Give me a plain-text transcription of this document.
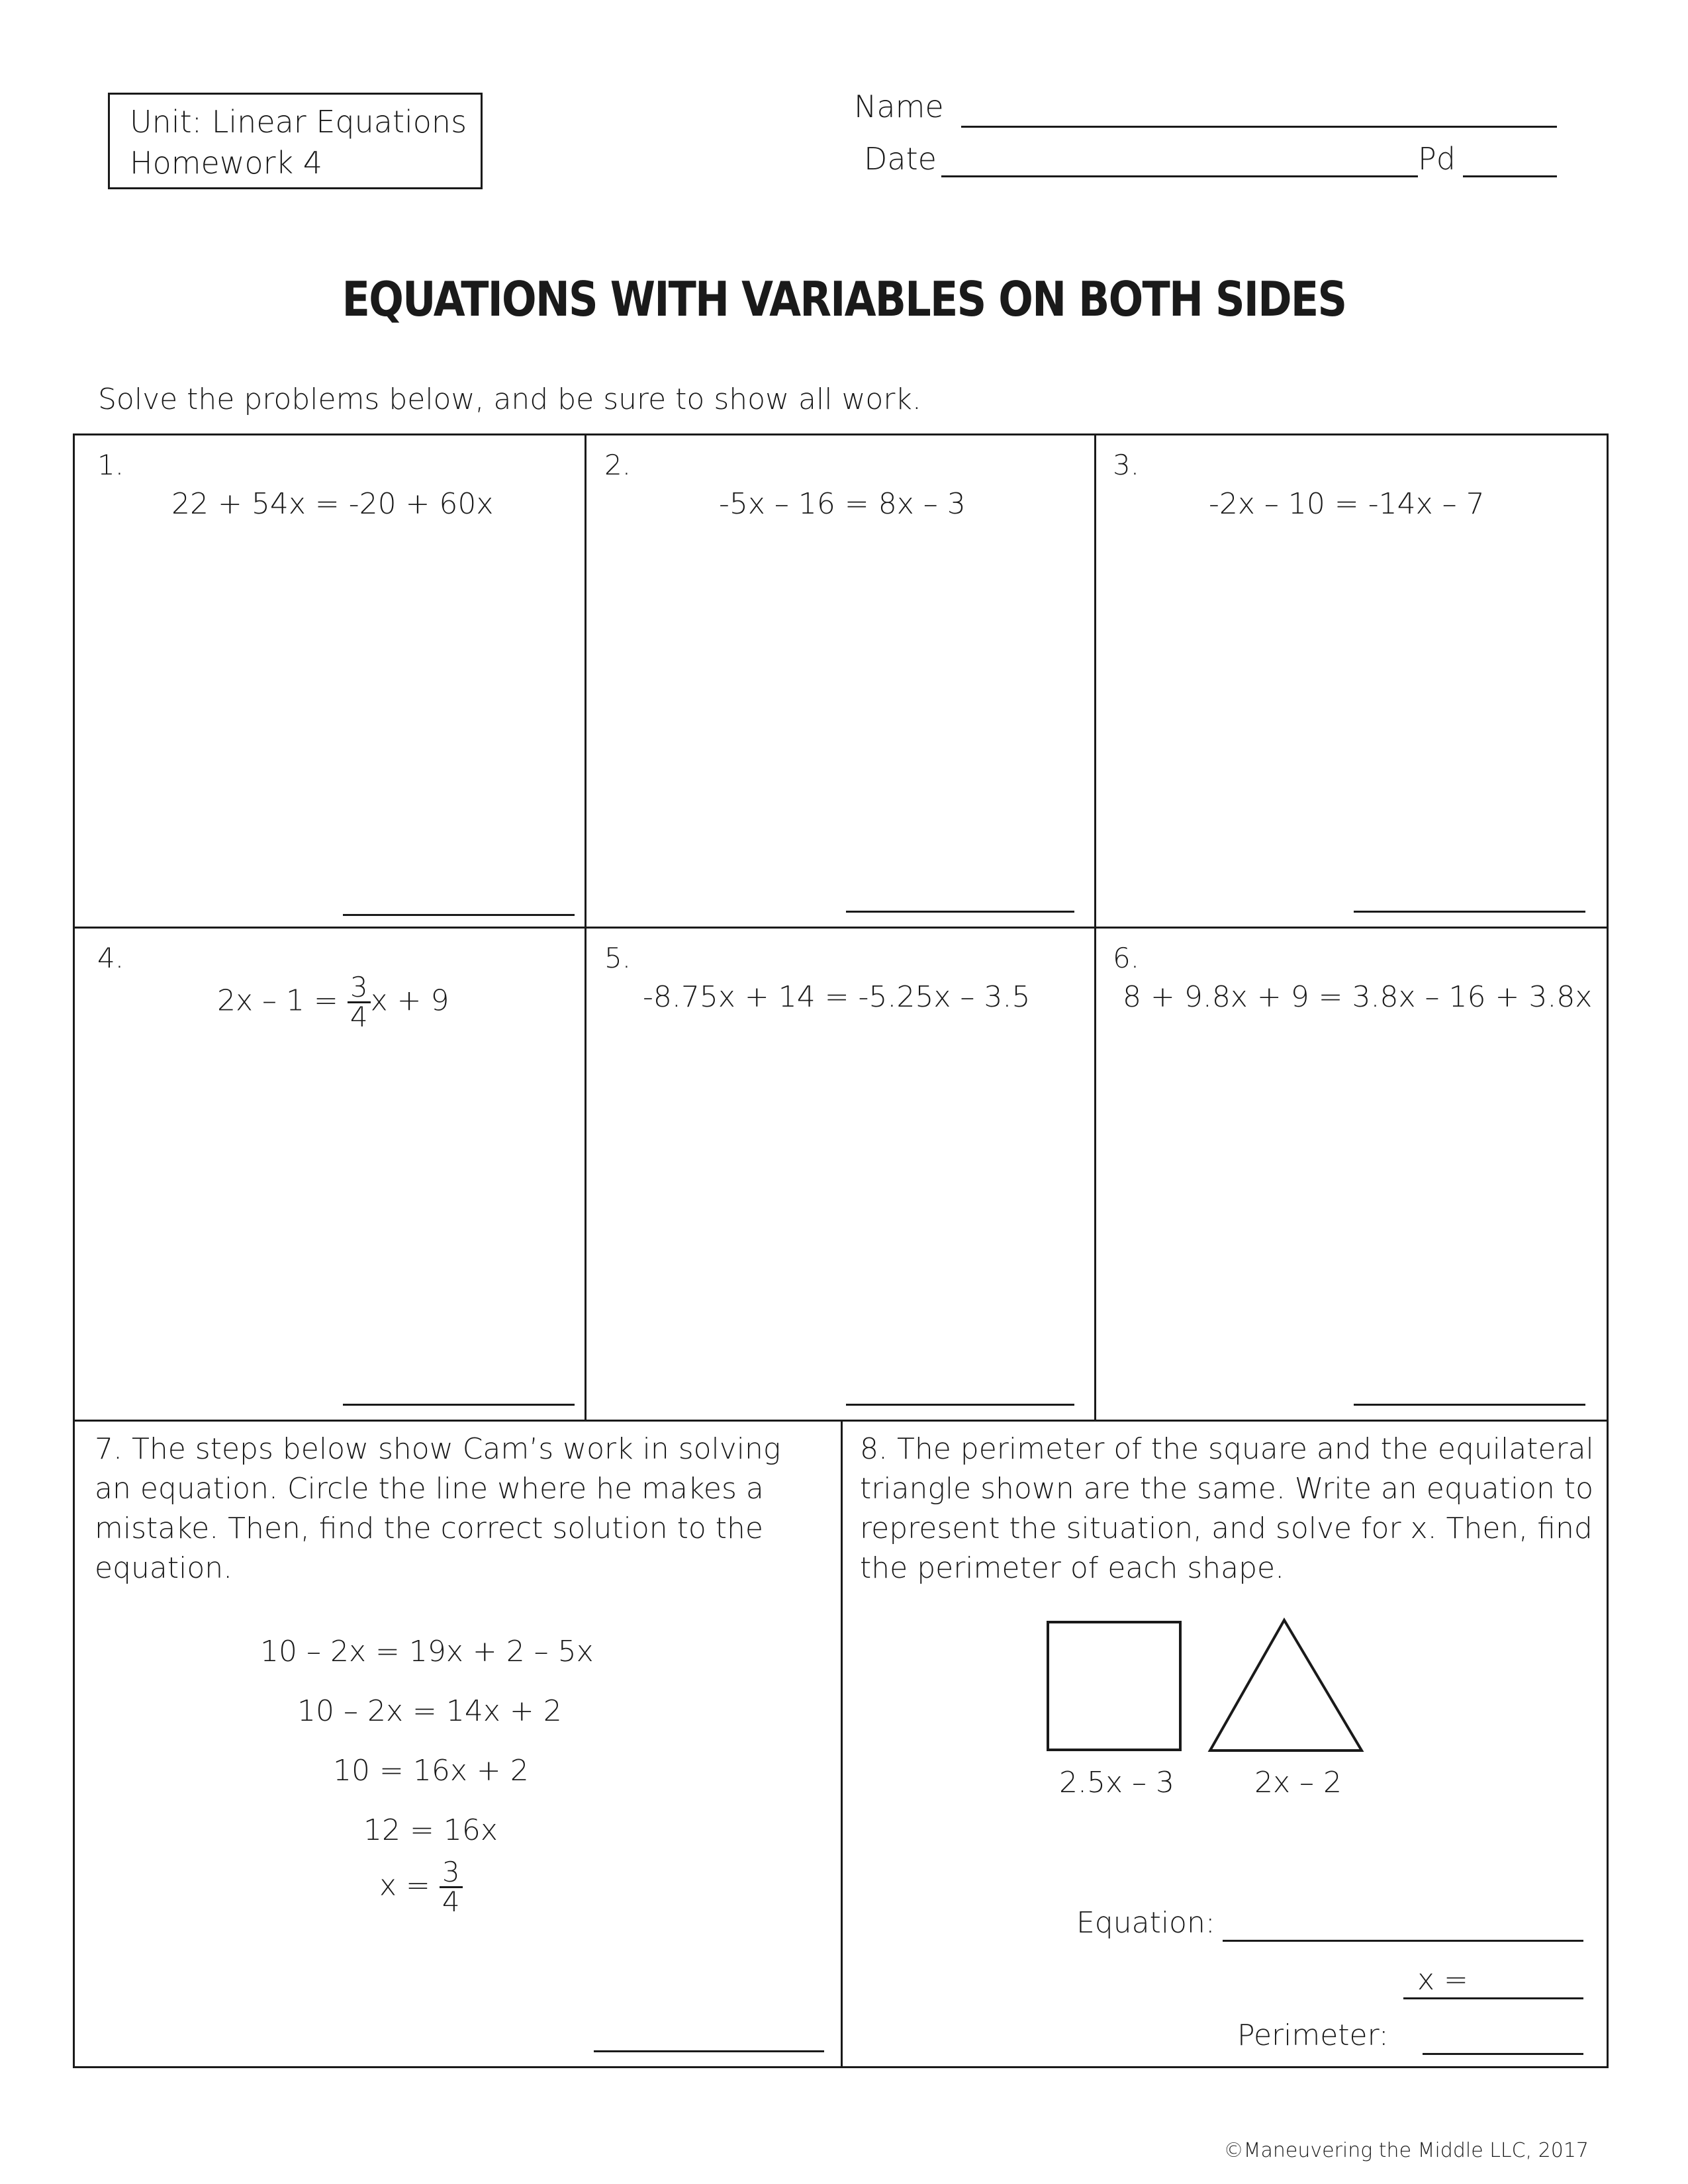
Unit: Linear Equations
Homework 4
Name
Date	Pd
EQUATIONS WITH VARIABLES ON BOTH SIDES
Solve the problems below, and be sure to show all work.
1.
22 + 54x = -20 + 60x
2.
-5x – 16 = 8x – 3
3.
-2x – 10 = -14x – 7
4.
$2x - 1 = \frac{3}{4}$ x + 9
5.
-8.75x + 14 = -5.25x – 3.5
6.
8 + 9.8x + 9 = 3.8x – 16 + 3.8x
7. The steps below show Cam’s work in solving an equation. Circle the line where he makes a mistake. Then, find the correct solution to the equation.
10 – 2x = 19x + 2 – 5x
10 – 2x = 14x + 2
10 = 16x + 2
12 = 16x
$x = \frac{3}{4}$
8. The perimeter of the square and the equilateral triangle shown are the same. Write an equation to represent the situation, and solve for x. Then, find the perimeter of each shape.
2.5x – 3	2x – 2
Equation:
x =
Perimeter:
©Maneuvering the Middle LLC, 2017
